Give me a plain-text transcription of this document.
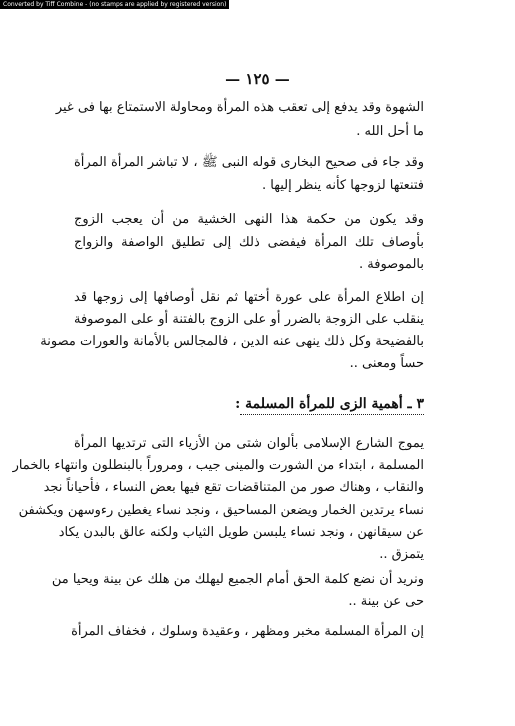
Converted by Tiff Combine - (no stamps are applied by registered version)
— ١٢٥ —
الشهوة وقد يدفع إلى تعقب هذه المرأة ومحاولة الاستمتاع بها فى غير
ما أحل الله .
وقد جاء فى صحيح البخارى قوله النبى ﷺ ، لا تباشر المرأة المرأة
فتنعتها لزوجها كأنه ينظر إليها .
وقد يكون من حكمة هذا النهى الخشية من أن يعجب الزوج
بأوصاف تلك المرأة فيفضى ذلك إلى تطليق الواصفة والزواج
بالموصوفة .
إن اطلاع المرأة على عورة أختها ثم نقل أوصافها إلى زوجها قد
ينقلب على الزوجة بالضرر أو على الزوج بالفتنة أو على الموصوفة
بالفضيحة وكل ذلك ينهى عنه الدين ، فالمجالس بالأمانة والعورات مصونة
حساً ومعنى ..
٣ ـ أهمية الزى للمرأة المسلمة :
يموج الشارع الإسلامى بألوان شتى من الأزياء التى ترتديها المرأة
المسلمة ، ابتداء من الشورت والمينى جيب ، ومروراً بالبنطلون وانتهاء بالخمار
والنقاب ، وهناك صور من المتناقضات تقع فيها بعض النساء ، فأحياناً نجد
نساء يرتدين الخمار ويضعن المساحيق ، ونجد نساء يغطين رءوسهن ويكشفن
عن سيقانهن ، ونجد نساء يلبسن طويل الثياب ولكنه عالق بالبدن يكاد
يتمزق ..
ونريد أن نضع كلمة الحق أمام الجميع ليهلك من هلك عن بينة ويحيا من
حى عن بينة ..
إن المرأة المسلمة مخبر ومظهر ، وعقيدة وسلوك ، فخفاف المرأة
